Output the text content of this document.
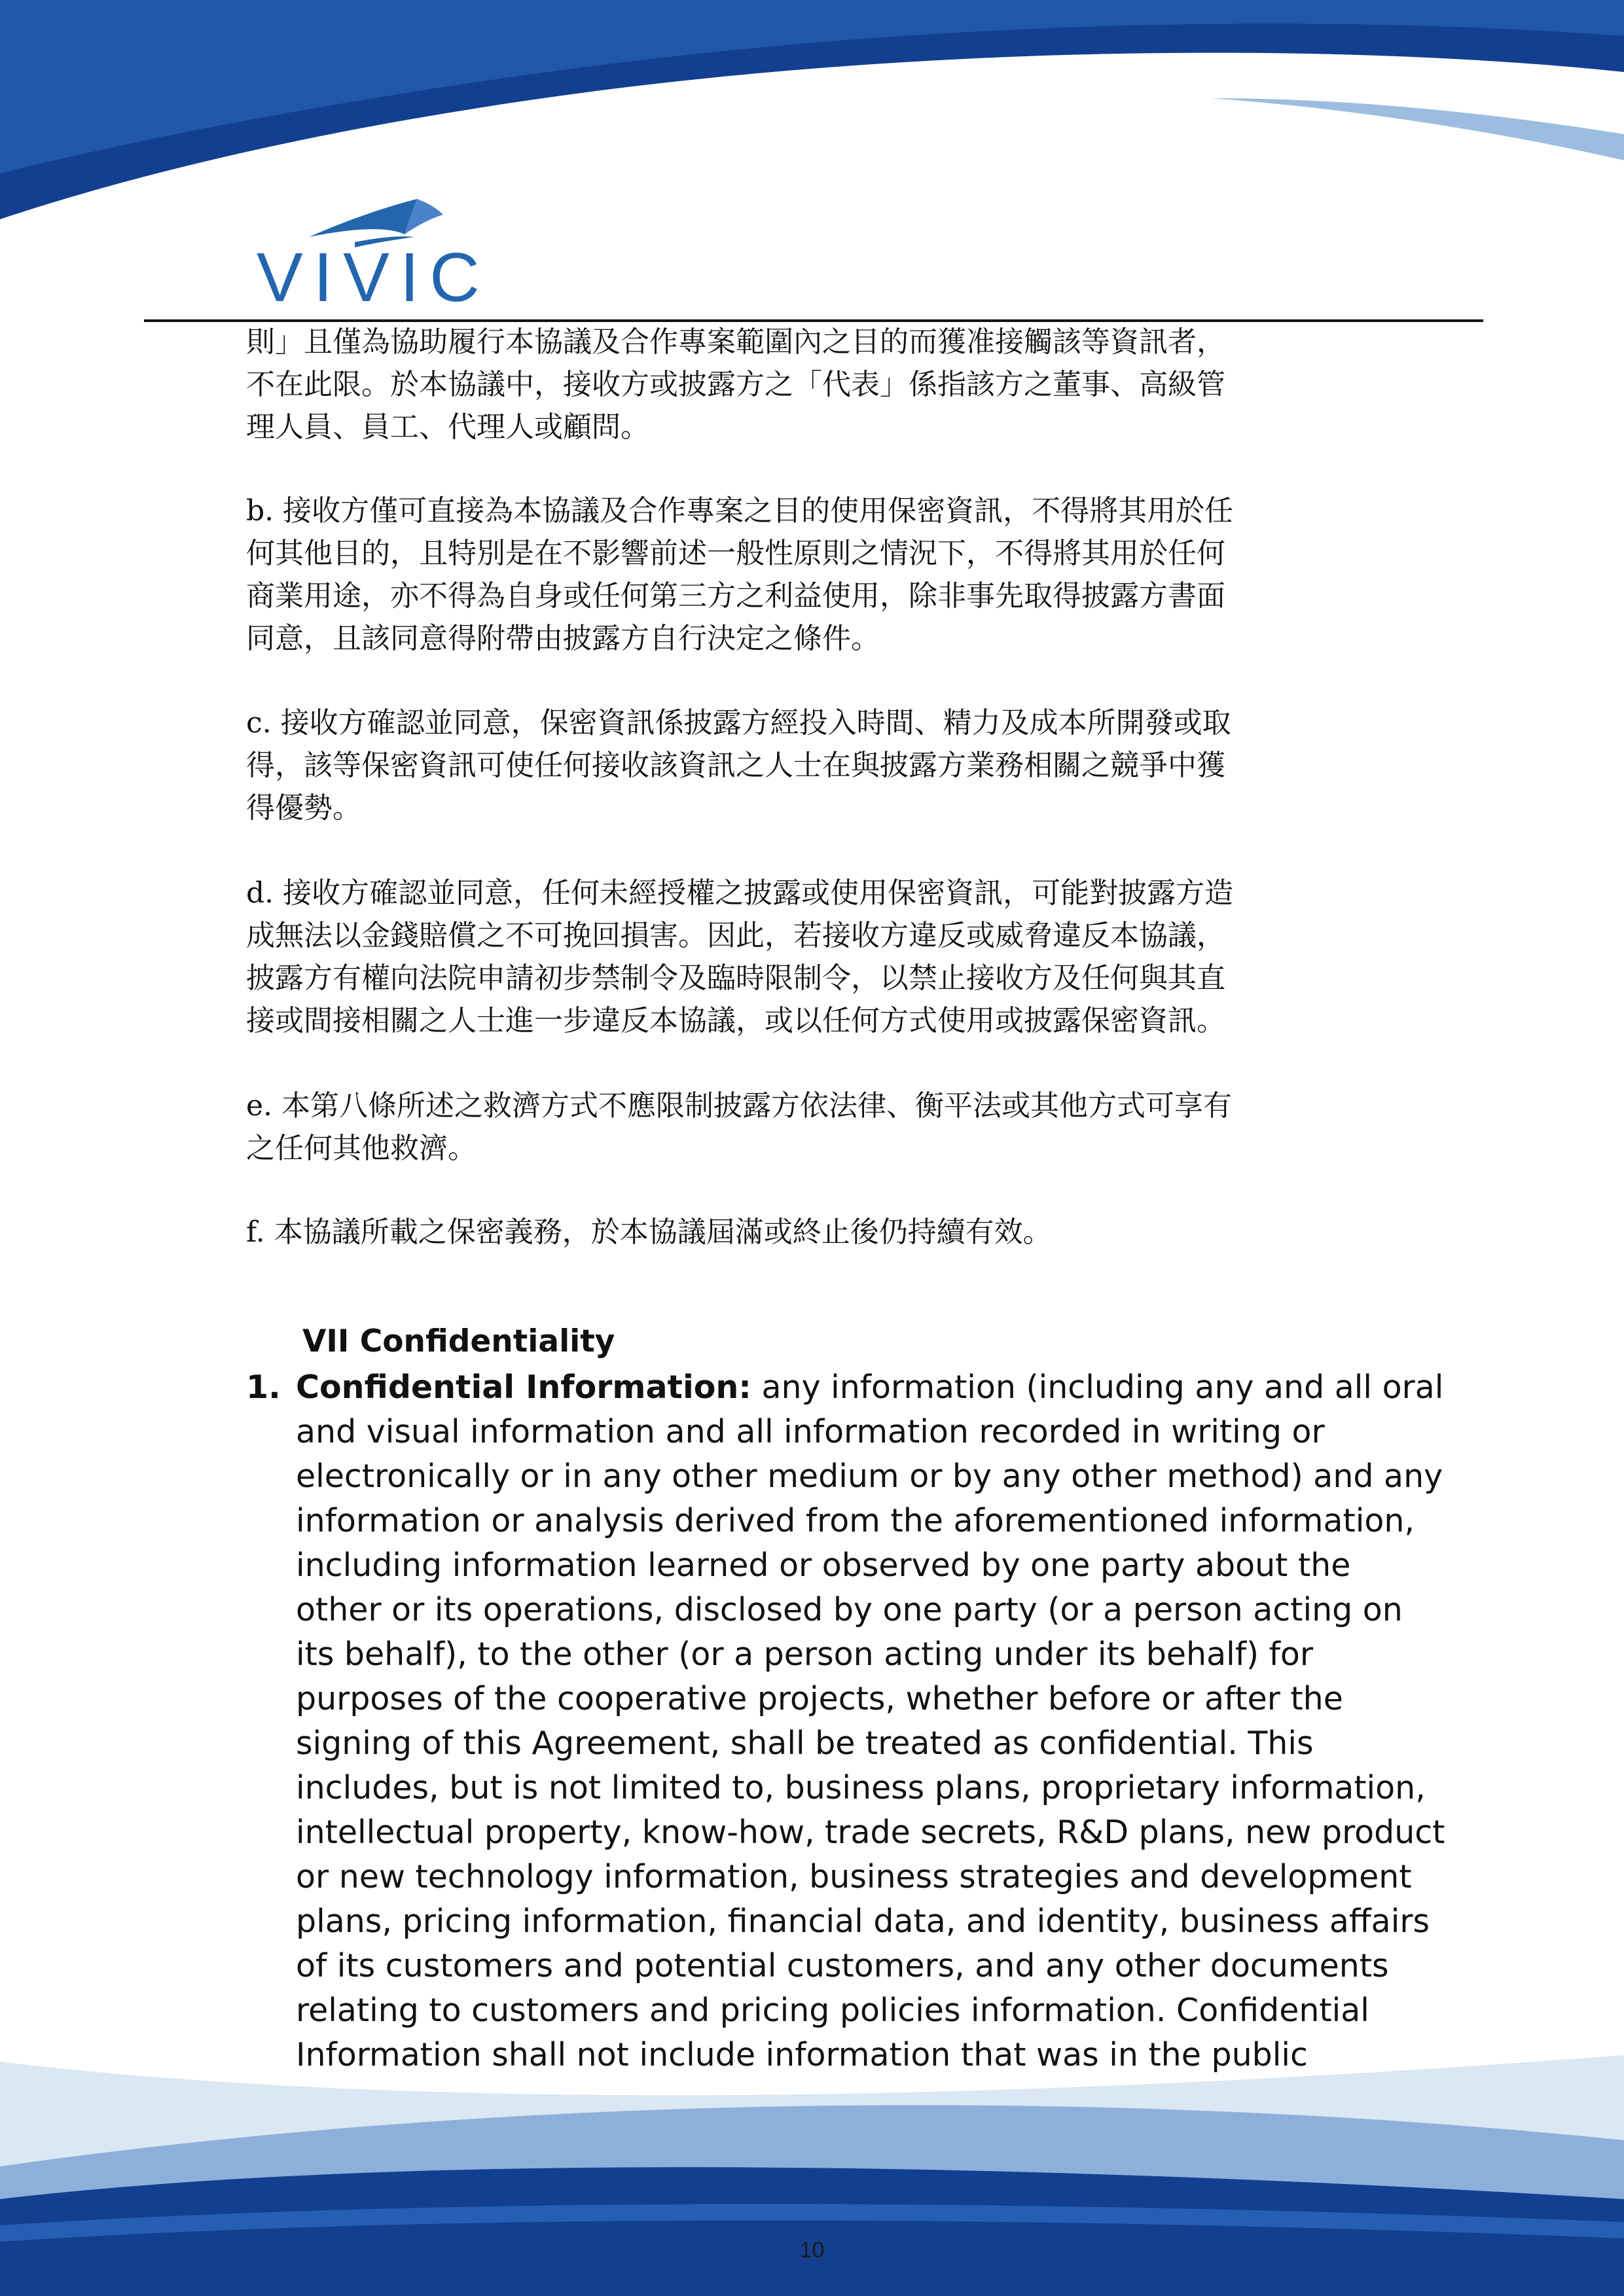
VIVIC

則」且僅為協助履行本協議及合作專案範圍內之目的而獲准接觸該等資訊者，

不在此限。於本協議中，接收方或披露方之「代表」係指該方之董事、高級管

理人員、員工、代理人或顧問。

b. 接收方僅可直接為本協議及合作專案之目的使用保密資訊，不得將其用於任

何其他目的，且特別是在不影響前述一般性原則之情況下，不得將其用於任何

商業用途，亦不得為自身或任何第三方之利益使用，除非事先取得披露方書面

同意，且該同意得附帶由披露方自行決定之條件。

c. 接收方確認並同意，保密資訊係披露方經投入時間、精力及成本所開發或取

得，該等保密資訊可使任何接收該資訊之人士在與披露方業務相關之競爭中獲

得優勢。

d. 接收方確認並同意，任何未經授權之披露或使用保密資訊，可能對披露方造

成無法以金錢賠償之不可挽回損害。因此，若接收方違反或威脅違反本協議，

披露方有權向法院申請初步禁制令及臨時限制令，以禁止接收方及任何與其直

接或間接相關之人士進一步違反本協議，或以任何方式使用或披露保密資訊。

e. 本第八條所述之救濟方式不應限制披露方依法律、衡平法或其他方式可享有

之任何其他救濟。

f. 本協議所載之保密義務，於本協議屆滿或終止後仍持續有效。

VII Confidentiality
1. Confidential Information: any information (including any and all oral

and visual information and all information recorded in writing or

electronically or in any other medium or by any other method) and any

information or analysis derived from the aforementioned information,

including information learned or observed by one party about the

other or its operations, disclosed by one party (or a person acting on

its behalf), to the other (or a person acting under its behalf) for

purposes of the cooperative projects, whether before or after the

signing of this Agreement, shall be treated as confidential. This

includes, but is not limited to, business plans, proprietary information,

intellectual property, know-how, trade secrets, R&D plans, new product

or new technology information, business strategies and development

plans, pricing information, financial data, and identity, business affairs

of its customers and potential customers, and any other documents

relating to customers and pricing policies information. Confidential

Information shall not include information that was in the public

10
